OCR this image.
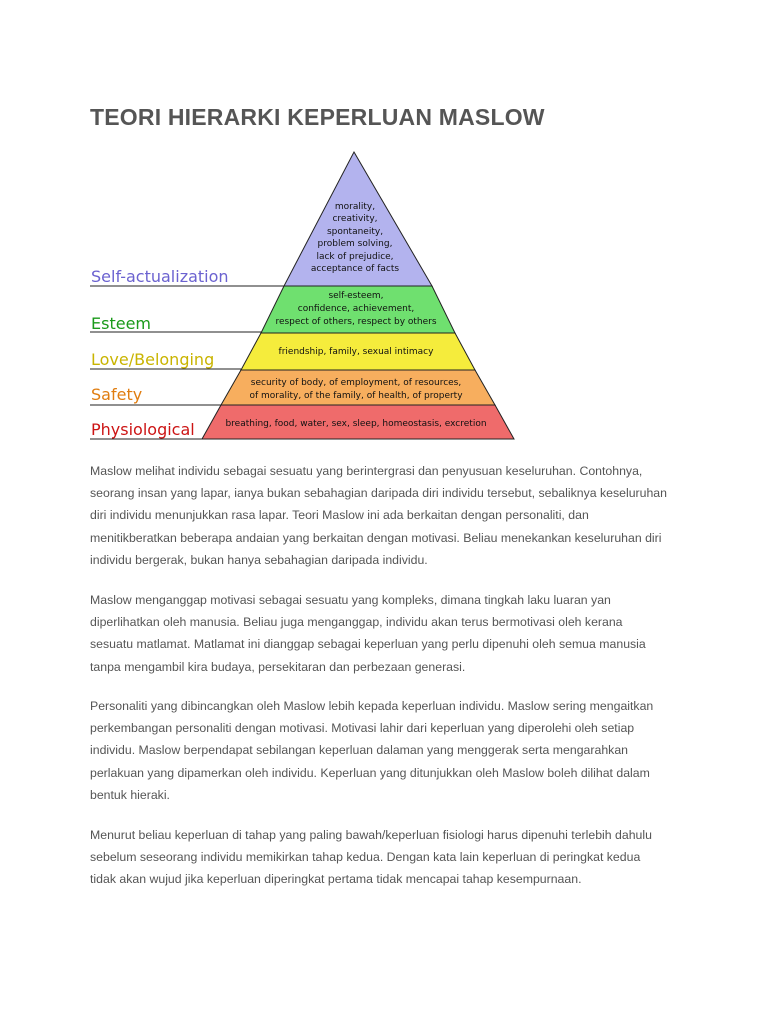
TEORI HIERARKI KEPERLUAN MASLOW
Self-actualization
Esteem
Love/Belonging
Safety
Physiological
morality,
creativity,
spontaneity,
problem solving,
lack of prejudice,
acceptance of facts
self-esteem,
confidence, achievement,
respect of others, respect by others
friendship, family, sexual intimacy
security of body, of employment, of resources,
of morality, of the family, of health, of property
breathing, food, water, sex, sleep, homeostasis, excretion

Maslow melihat individu sebagai sesuatu yang berintergrasi dan penyusuan keseluruhan. Contohnya,
seorang insan yang lapar, ianya bukan sebahagian daripada diri individu tersebut, sebaliknya keseluruhan
diri individu menunjukkan rasa lapar. Teori Maslow ini ada berkaitan dengan personaliti, dan
menitikberatkan beberapa andaian yang berkaitan dengan motivasi. Beliau menekankan keseluruhan diri
individu bergerak, bukan hanya sebahagian daripada individu.

Maslow menganggap motivasi sebagai sesuatu yang kompleks, dimana tingkah laku luaran yan
diperlihatkan oleh manusia. Beliau juga menganggap, individu akan terus bermotivasi oleh kerana
sesuatu matlamat. Matlamat ini dianggap sebagai keperluan yang perlu dipenuhi oleh semua manusia
tanpa mengambil kira budaya, persekitaran dan perbezaan generasi.

Personaliti yang dibincangkan oleh Maslow lebih kepada keperluan individu. Maslow sering mengaitkan
perkembangan personaliti dengan motivasi. Motivasi lahir dari keperluan yang diperolehi oleh setiap
individu. Maslow berpendapat sebilangan keperluan dalaman yang menggerak serta mengarahkan
perlakuan yang dipamerkan oleh individu. Keperluan yang ditunjukkan oleh Maslow boleh dilihat dalam
bentuk hieraki.

Menurut beliau keperluan di tahap yang paling bawah/keperluan fisiologi harus dipenuhi terlebih dahulu
sebelum seseorang individu memikirkan tahap kedua. Dengan kata lain keperluan di peringkat kedua
tidak akan wujud jika keperluan diperingkat pertama tidak mencapai tahap kesempurnaan.
